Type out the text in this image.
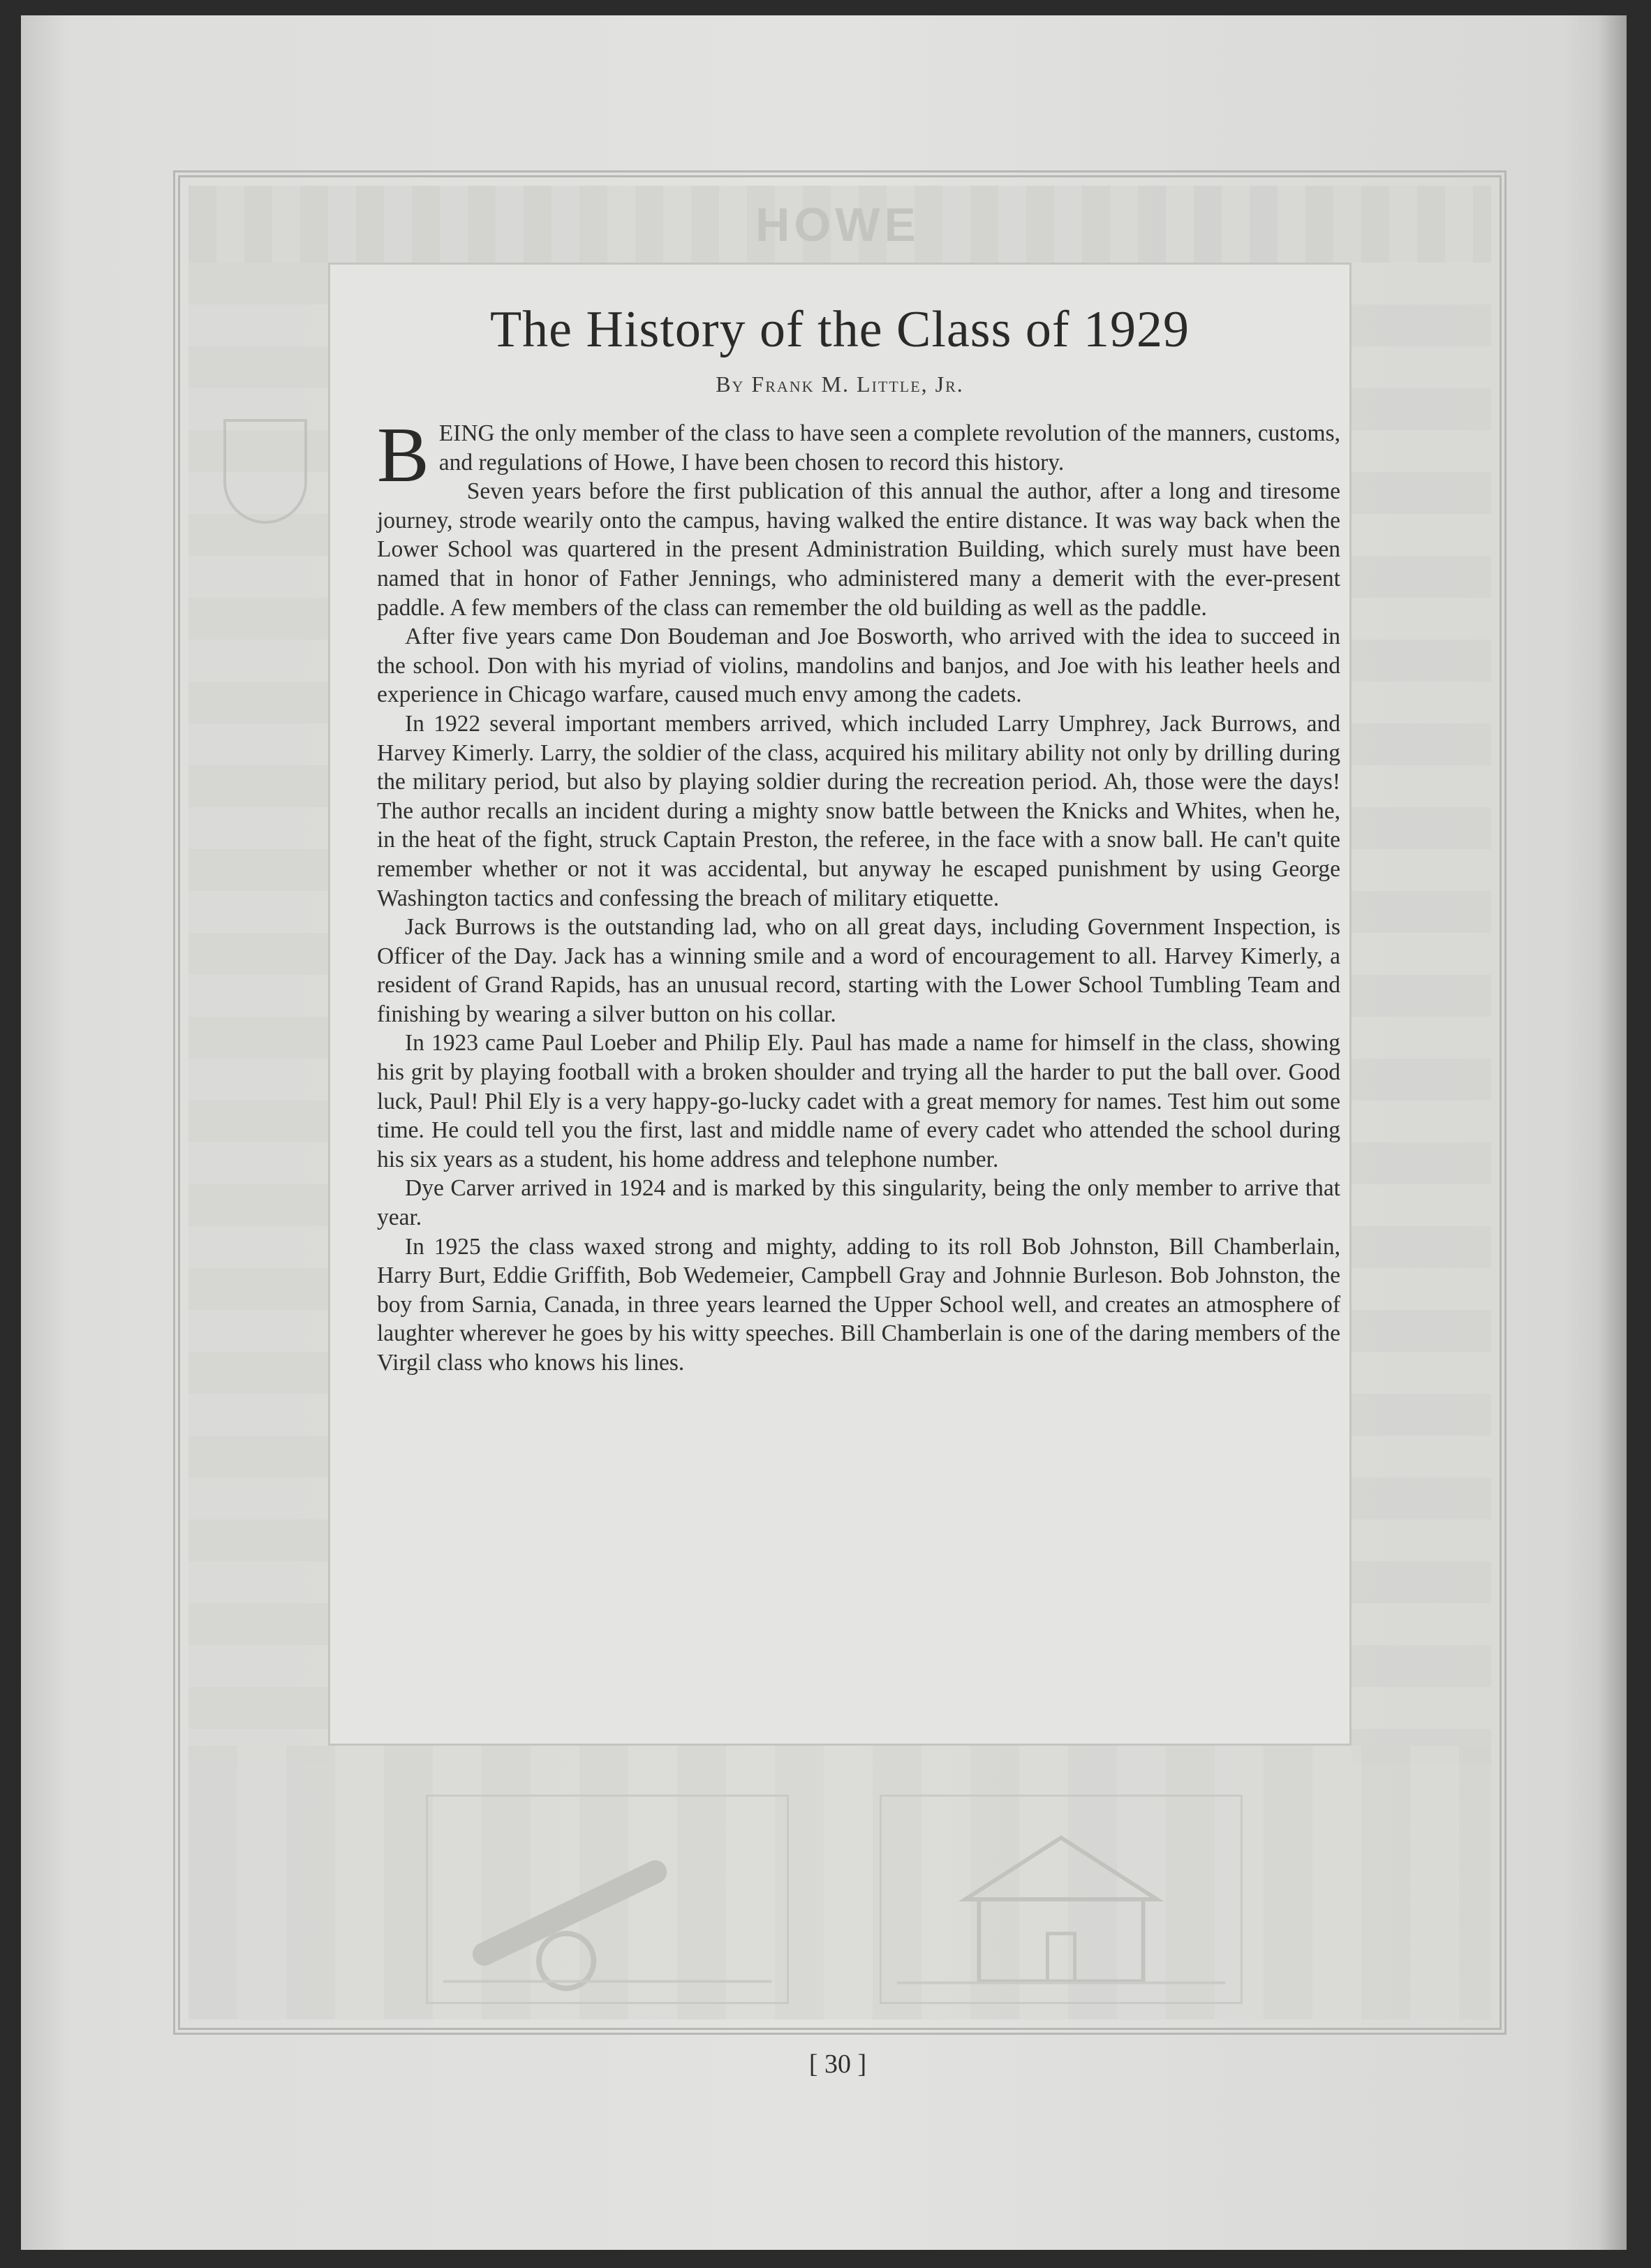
HOWE
The History of the Class of 1929
By Frank M. Little, Jr.

BEING the only member of the class to have seen a complete revolution of the manners, customs, and regulations of Howe, I have been chosen to record this history.

Seven years before the first publication of this annual the author, after a long and tiresome journey, strode wearily onto the campus, having walked the entire distance. It was way back when the Lower School was quartered in the present Administration Building, which surely must have been named that in honor of Father Jennings, who administered many a demerit with the ever-present paddle. A few members of the class can remember the old building as well as the paddle.

After five years came Don Boudeman and Joe Bosworth, who arrived with the idea to succeed in the school. Don with his myriad of violins, mandolins and banjos, and Joe with his leather heels and experience in Chicago warfare, caused much envy among the cadets.

In 1922 several important members arrived, which included Larry Umphrey, Jack Burrows, and Harvey Kimerly. Larry, the soldier of the class, acquired his military ability not only by drilling during the military period, but also by playing soldier during the recreation period. Ah, those were the days! The author recalls an incident during a mighty snow battle between the Knicks and Whites, when he, in the heat of the fight, struck Captain Preston, the referee, in the face with a snow ball. He can't quite remember whether or not it was accidental, but anyway he escaped punishment by using George Washington tactics and confessing the breach of military etiquette.

Jack Burrows is the outstanding lad, who on all great days, including Government Inspection, is Officer of the Day. Jack has a winning smile and a word of encouragement to all. Harvey Kimerly, a resident of Grand Rapids, has an unusual record, starting with the Lower School Tumbling Team and finishing by wearing a silver button on his collar.

In 1923 came Paul Loeber and Philip Ely. Paul has made a name for himself in the class, showing his grit by playing football with a broken shoulder and trying all the harder to put the ball over. Good luck, Paul! Phil Ely is a very happy-go-lucky cadet with a great memory for names. Test him out some time. He could tell you the first, last and middle name of every cadet who attended the school during his six years as a student, his home address and telephone number.

Dye Carver arrived in 1924 and is marked by this singularity, being the only member to arrive that year.

In 1925 the class waxed strong and mighty, adding to its roll Bob Johnston, Bill Chamberlain, Harry Burt, Eddie Griffith, Bob Wedemeier, Campbell Gray and Johnnie Burleson. Bob Johnston, the boy from Sarnia, Canada, in three years learned the Upper School well, and creates an atmosphere of laughter wherever he goes by his witty speeches. Bill Chamberlain is one of the daring members of the Virgil class who knows his lines.

[ 30 ]
